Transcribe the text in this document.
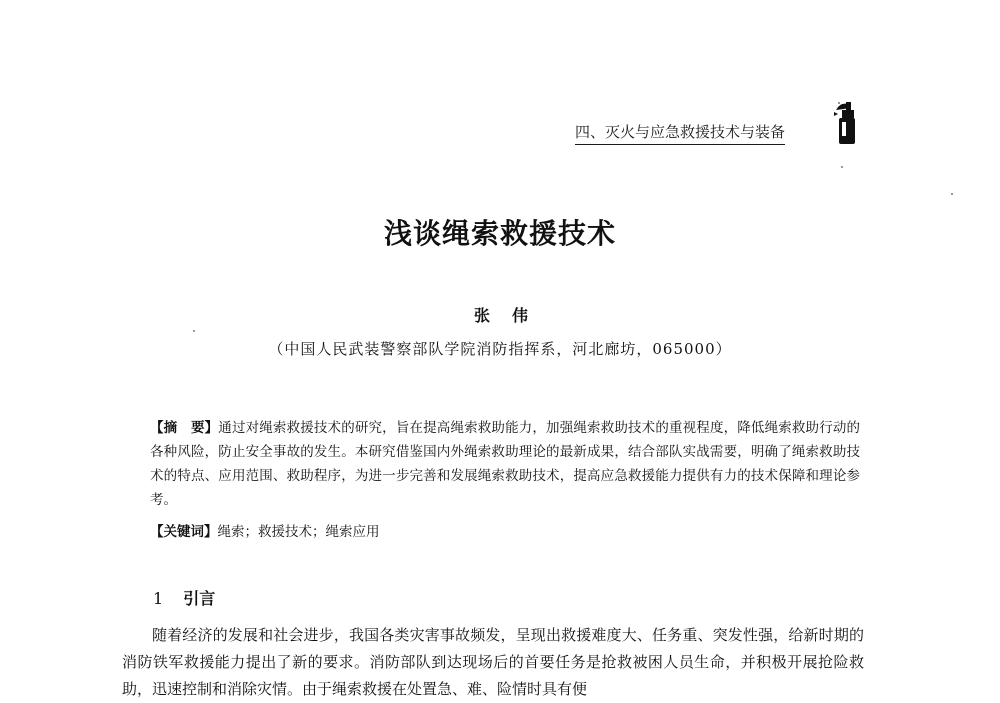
四、灭火与应急救援技术与装备
浅谈绳索救援技术
张伟
（中国人民武装警察部队学院消防指挥系，河北廊坊，065000）
【摘　要】通过对绳索救援技术的研究，旨在提高绳索救助能力，加强绳索救助技术的重视程度，降低绳索救助行动的各种风险，防止安全事故的发生。本研究借鉴国内外绳索救助理论的最新成果，结合部队实战需要，明确了绳索救助技术的特点、应用范围、救助程序，为进一步完善和发展绳索救助技术，提高应急救援能力提供有力的技术保障和理论参考。
【关键词】绳索；救援技术；绳索应用
1 引言

随着经济的发展和社会进步，我国各类灾害事故频发，呈现出救援难度大、任务重、突发性强，给新时期的消防铁军救援能力提出了新的要求。消防部队到达现场后的首要任务是抢救被困人员生命，并积极开展抢险救助，迅速控制和消除灾情。由于绳索救援在处置急、难、险情时具有便
